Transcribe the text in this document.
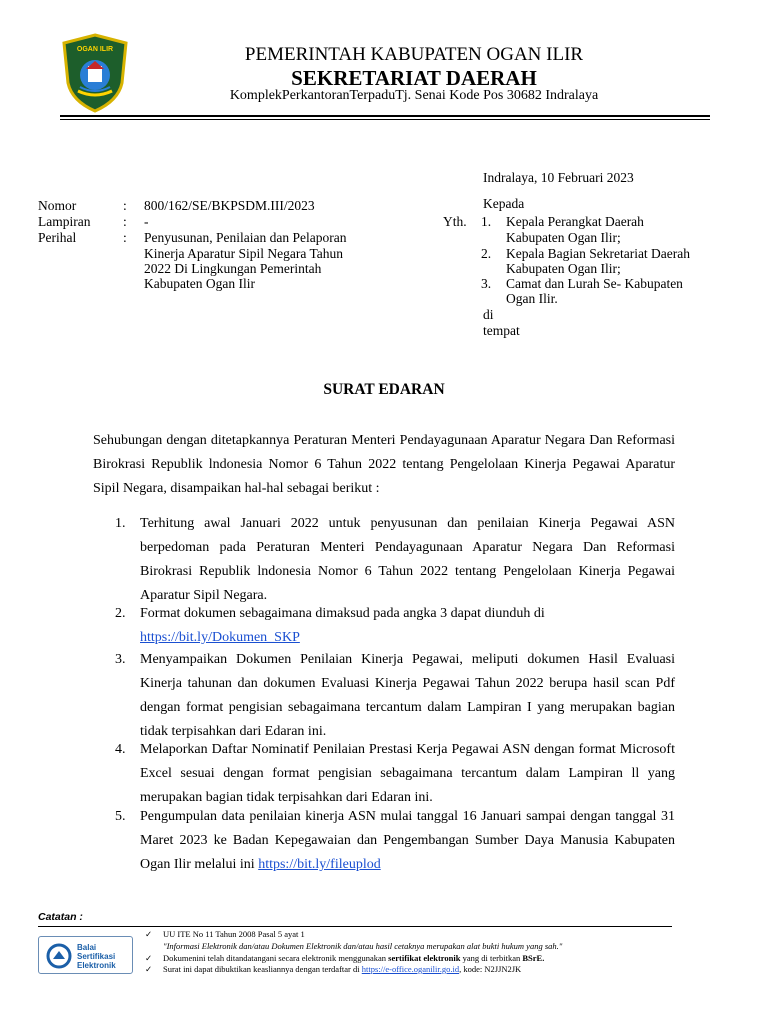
OGAN ILIR	PEMERINTAH KABUPATEN OGAN ILIR
SEKRETARIAT DAERAH
KomplekPerkantoranTerpaduTj. Senai Kode Pos 30682 Indralaya
Indralaya, 10 Februari 2023
Nomor	: 800/162/SE/BKPSDM.III/2023
Lampiran : -
Perihal	: Penyusunan, Penilaian dan Pelaporan
Kinerja Aparatur Sipil Negara Tahun
2022 Di Lingkungan Pemerintah
Kabupaten Ogan Ilir
Yth.
Kepada
1. Kepala Perangkat Daerah
Kabupaten Ogan Ilir;
2. Kepala Bagian Sekretariat Daerah
Kabupaten Ogan Ilir;
3. Camat dan Lurah Se- Kabupaten
Ogan Ilir.
di
tempat
SURAT EDARAN
Sehubungan dengan ditetapkannya Peraturan Menteri Pendayagunaan Aparatur Negara Dan Reformasi Birokrasi Republik lndonesia Nomor 6 Tahun 2022 tentang Pengelolaan Kinerja Pegawai Aparatur Sipil Negara, disampaikan hal-hal sebagai berikut :
1. Terhitung awal Januari 2022 untuk penyusunan dan penilaian Kinerja Pegawai ASN berpedoman pada Peraturan Menteri Pendayagunaan Aparatur Negara Dan Reformasi Birokrasi Republik lndonesia Nomor 6 Tahun 2022 tentang Pengelolaan Kinerja Pegawai Aparatur Sipil Negara.
2. Format dokumen sebagaimana dimaksud pada angka 3 dapat diunduh di
https://bit.ly/Dokumen_SKP
3. Menyampaikan Dokumen Penilaian Kinerja Pegawai, meliputi dokumen Hasil Evaluasi Kinerja tahunan dan dokumen Evaluasi Kinerja Pegawai Tahun 2022 berupa hasil scan Pdf dengan format pengisian sebagaimana tercantum dalam Lampiran I yang merupakan bagian tidak terpisahkan dari Edaran ini.
4. Melaporkan Daftar Nominatif Penilaian Prestasi Kerja Pegawai ASN dengan format Microsoft Excel sesuai dengan format pengisian sebagaimana tercantum dalam Lampiran ll yang merupakan bagian tidak terpisahkan dari Edaran ini.
5. Pengumpulan data penilaian kinerja ASN mulai tanggal 16 Januari sampai dengan tanggal 31 Maret 2023 ke Badan Kepegawaian dan Pengembangan Sumber Daya Manusia Kabupaten Ogan Ilir melalui ini https://bit.ly/fileuplod
Catatan :
Balai
Sertifikasi
Elektronik
✓ UU ITE No 11 Tahun 2008 Pasal 5 ayat 1
"Informasi Elektronik dan/atau Dokumen Elektronik dan/atau hasil cetaknya merupakan alat bukti hukum yang sah."
✓ Dokumenini telah ditandatangani secara elektronik menggunakan sertifikat elektronik yang di terbitkan BSrE.
✓ Surat ini dapat dibuktikan keasliannya dengan terdaftar di https://e-office.oganilir.go.id, kode: N2JJN2JK
